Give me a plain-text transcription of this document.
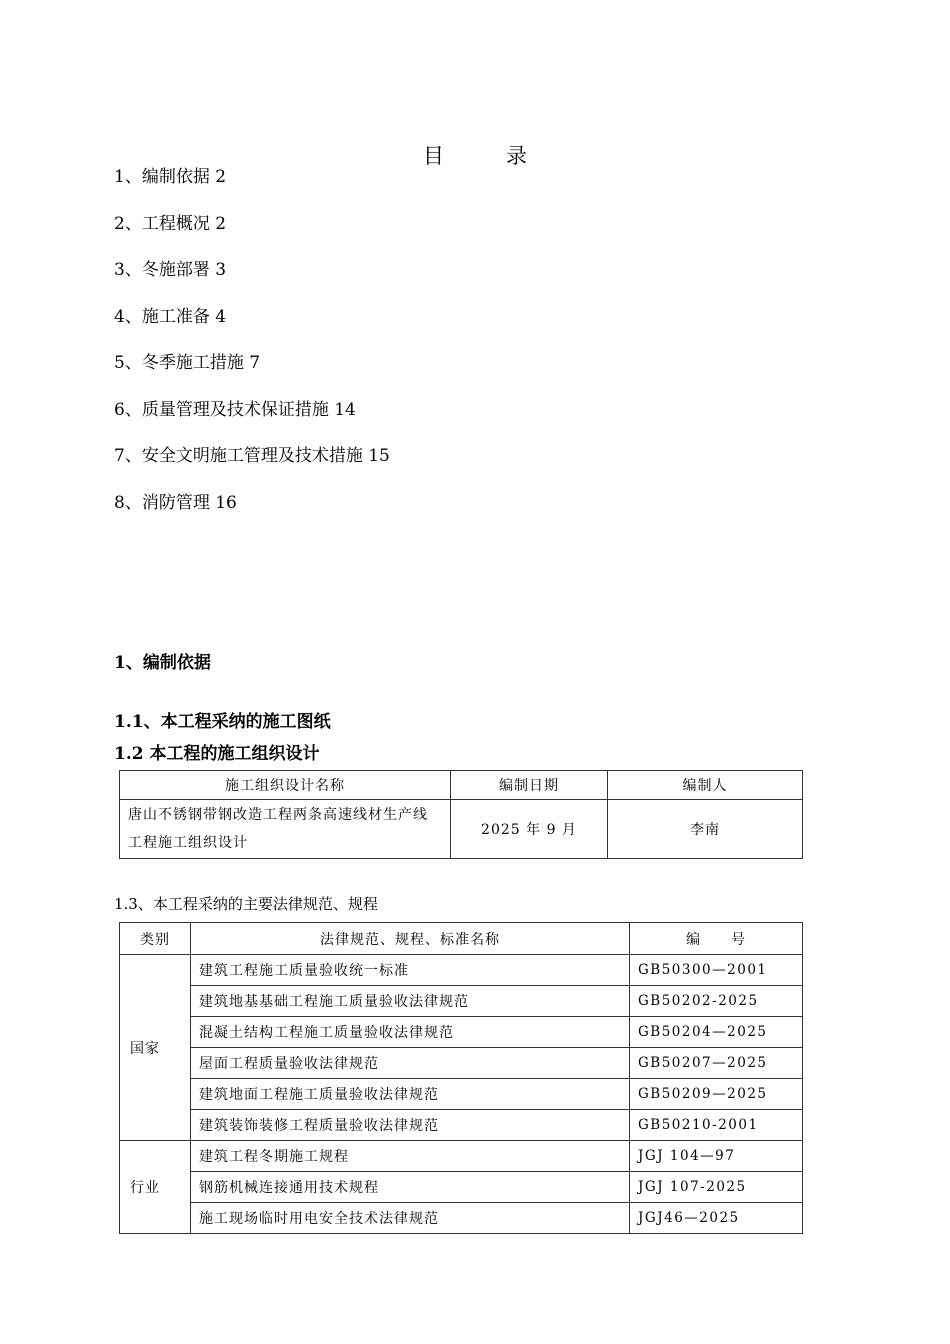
目	录
1、编制依据 2
2、工程概况 2
3、冬施部署 3
4、施工准备 4
5、冬季施工措施 7
6、质量管理及技术保证措施 14
7、安全文明施工管理及技术措施 15
8、消防管理 16
1、编制依据
1.1、本工程采纳的施工图纸
1.2 本工程的施工组织设计
施工组织设计名称	编制日期	编制人
唐山不锈钢带钢改造工程两条高速线材生产线工程施工组织设计	2025 年 9 月	李南
1.3、本工程采纳的主要法律规范、规程
类别	法律规范、规程、标准名称	编　　号
国家	建筑工程施工质量验收统一标准	GB50300—2001
	建筑地基基础工程施工质量验收法律规范	GB50202-2025
	混凝土结构工程施工质量验收法律规范	GB50204—2025
	屋面工程质量验收法律规范	GB50207—2025
	建筑地面工程施工质量验收法律规范	GB50209—2025
	建筑装饰装修工程质量验收法律规范	GB50210-2001
行业	建筑工程冬期施工规程	JGJ 104—97
	钢筋机械连接通用技术规程	JGJ 107-2025
	施工现场临时用电安全技术法律规范	JGJ46—2025
